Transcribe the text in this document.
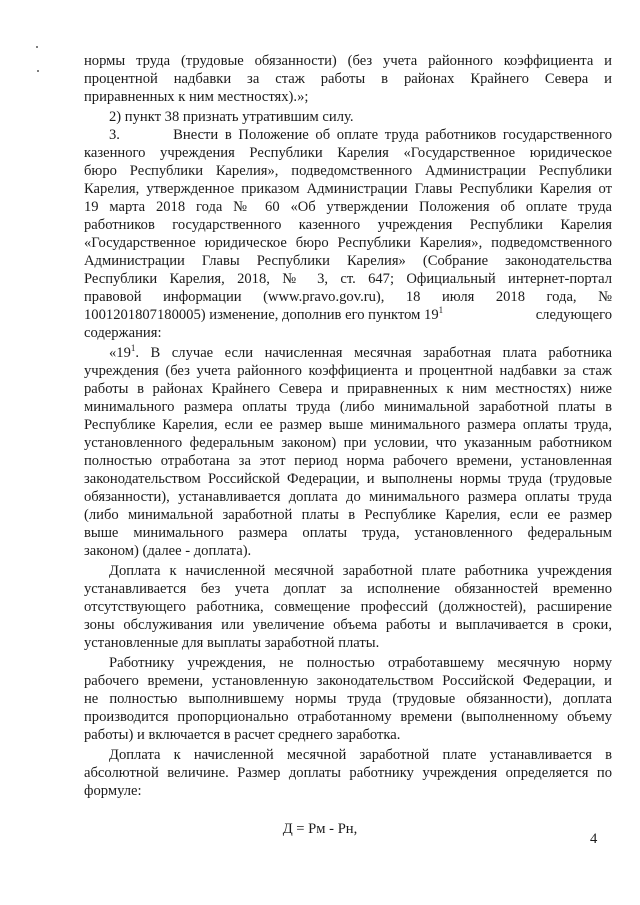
нормы труда (трудовые обязанности) (без учета районного коэффициента и
процентной надбавки за стаж работы в районах Крайнего Севера и
приравненных к ним местностях).»;
2) пункт 38 признать утратившим силу.
3.        Внести в Положение об оплате труда работников государственного
казенного учреждения Республики Карелия «Государственное юридическое
бюро Республики Карелия», подведомственного Администрации Республики
Карелия, утвержденное приказом Администрации Главы Республики Карелия от
19 марта 2018 года № 60 «Об утверждении Положения об оплате труда
работников государственного казенного учреждения Республики Карелия
«Государственное юридическое бюро Республики Карелия», подведомственного
Администрации Главы Республики Карелия» (Собрание законодательства
Республики Карелия, 2018, № 3, ст. 647; Официальный интернет-портал
правовой информации (www.pravo.gov.ru), 18 июля 2018 года, №
1001201807180005) изменение, дополнив его пунктом $19^1$	следующего
содержания:
«$19^1$. В случае если начисленная месячная заработная плата работника
учреждения (без учета районного коэффициента и процентной надбавки за стаж
работы в районах Крайнего Севера и приравненных к ним местностях) ниже
минимального размера оплаты труда (либо минимальной заработной платы в
Республике Карелия, если ее размер выше минимального размера оплаты труда,
установленного федеральным законом) при условии, что указанным работником
полностью отработана за этот период норма рабочего времени, установленная
законодательством Российской Федерации, и выполнены нормы труда (трудовые
обязанности), устанавливается доплата до минимального размера оплаты труда
(либо минимальной заработной платы в Республике Карелия, если ее размер
выше минимального размера оплаты труда, установленного федеральным
законом) (далее - доплата).
Доплата к начисленной месячной заработной плате работника учреждения
устанавливается без учета доплат за исполнение обязанностей временно
отсутствующего работника, совмещение профессий (должностей), расширение
зоны обслуживания или увеличение объема работы и выплачивается в сроки,
установленные для выплаты заработной платы.
Работнику учреждения, не полностью отработавшему месячную норму
рабочего времени, установленную законодательством Российской Федерации, и
не полностью выполнившему нормы труда (трудовые обязанности), доплата
производится пропорционально отработанному времени (выполненному объему
работы) и включается в расчет среднего заработка.
Доплата к начисленной месячной заработной плате устанавливается в
абсолютной величине. Размер доплаты работнику учреждения определяется по
формуле:
Д = Рм - Рн,
4
